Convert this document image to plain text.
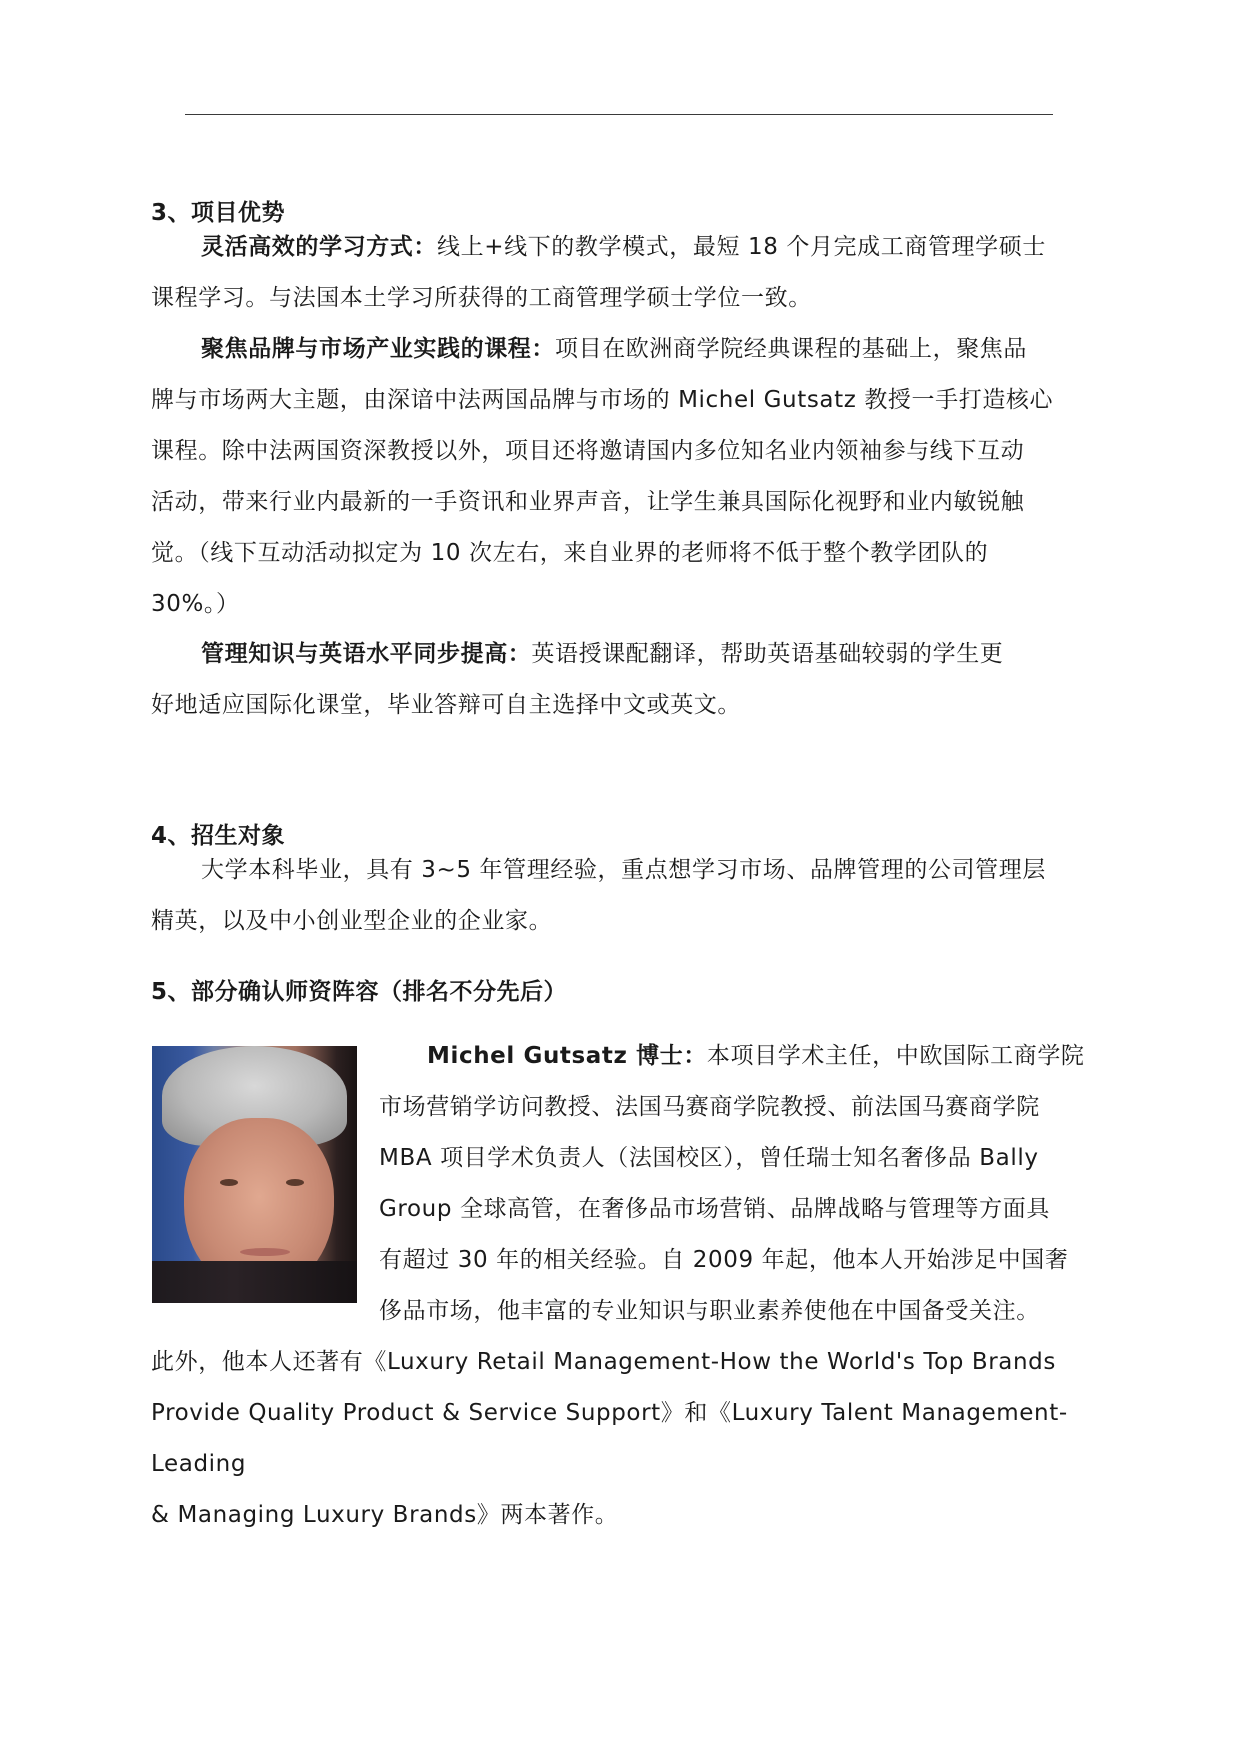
3、项目优势
灵活高效的学习方式：线上+线下的教学模式，最短 18 个月完成工商管理学硕士
课程学习。与法国本土学习所获得的工商管理学硕士学位一致。
聚焦品牌与市场产业实践的课程：项目在欧洲商学院经典课程的基础上，聚焦品
牌与市场两大主题，由深谙中法两国品牌与市场的 Michel Gutsatz 教授一手打造核心
课程。除中法两国资深教授以外，项目还将邀请国内多位知名业内领袖参与线下互动
活动，带来行业内最新的一手资讯和业界声音，让学生兼具国际化视野和业内敏锐触
觉。（线下互动活动拟定为 10 次左右，来自业界的老师将不低于整个教学团队的
30%。）
管理知识与英语水平同步提高：英语授课配翻译，帮助英语基础较弱的学生更
好地适应国际化课堂，毕业答辩可自主选择中文或英文。
4、招生对象
大学本科毕业，具有 3~5 年管理经验，重点想学习市场、品牌管理的公司管理层
精英，以及中小创业型企业的企业家。
5、部分确认师资阵容（排名不分先后）
Michel Gutsatz 博士：本项目学术主任，中欧国际工商学院
市场营销学访问教授、法国马赛商学院教授、前法国马赛商学院
MBA 项目学术负责人（法国校区），曾任瑞士知名奢侈品 Bally
Group 全球高管，在奢侈品市场营销、品牌战略与管理等方面具
有超过 30 年的相关经验。自 2009 年起，他本人开始涉足中国奢
侈品市场，他丰富的专业知识与职业素养使他在中国备受关注。
此外，他本人还著有《Luxury Retail Management-How the World's Top Brands
Provide Quality Product & Service Support》和《Luxury Talent Management-Leading
& Managing Luxury Brands》两本著作。
